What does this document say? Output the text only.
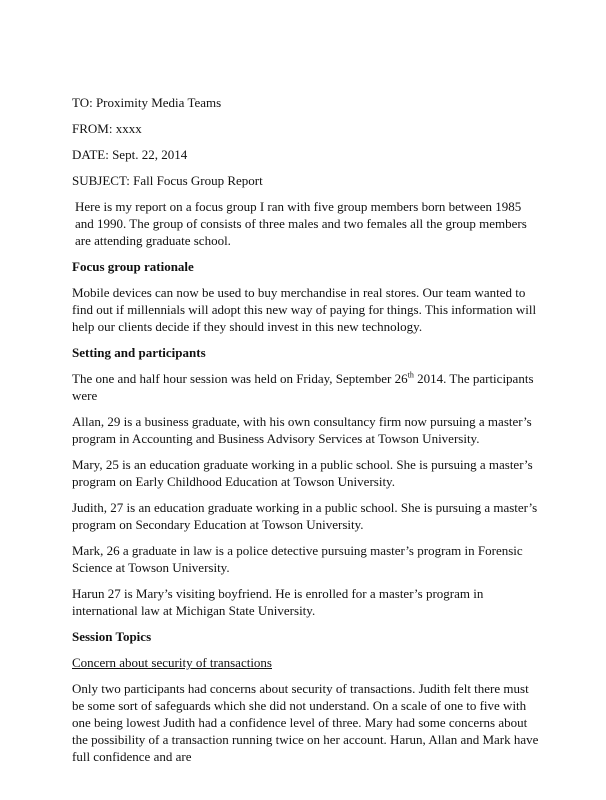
TO: Proximity Media Teams

FROM: xxxx

DATE: Sept. 22, 2014

SUBJECT: Fall Focus Group Report

Here is my report on a focus group I ran with five group members born between 1985 and 1990. The group of consists of three males and two females all the group members are attending graduate school.

Focus group rationale

Mobile devices can now be used to buy merchandise in real stores. Our team wanted to find out if millennials will adopt this new way of paying for things. This information will help our clients decide if they should invest in this new technology.

Setting and participants

The one and half hour session was held on Friday, September 26th 2014. The participants were

Allan, 29 is a business graduate, with his own consultancy firm now pursuing a master’s program in Accounting and Business Advisory Services at Towson University.

Mary, 25 is an education graduate working in a public school. She is pursuing a master’s program on Early Childhood Education at Towson University.

Judith, 27 is an education graduate working in a public school. She is pursuing a master’s program on Secondary Education at Towson University.

Mark, 26 a graduate in law is a police detective pursuing master’s program in Forensic Science at Towson University.

Harun 27 is Mary’s visiting boyfriend. He is enrolled for a master’s program in international law at Michigan State University.

Session Topics

Concern about security of transactions

Only two participants had concerns about security of transactions. Judith felt there must be some sort of safeguards which she did not understand. On a scale of one to five with one being lowest Judith had a confidence level of three. Mary had some concerns about the possibility of a transaction running twice on her account. Harun, Allan and Mark have full confidence and are
